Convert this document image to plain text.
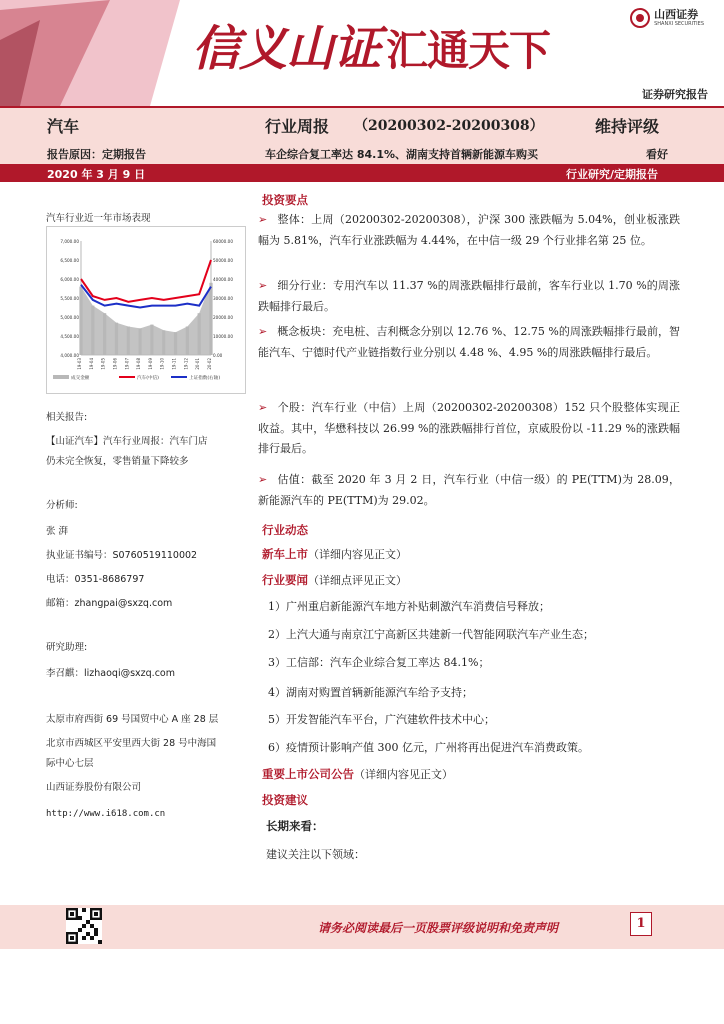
信义山证 汇通天下
山西证券
SHANXI SECURITIES
证券研究报告
汽车	行业周报 （20200302-20200308）	维持评级
报告原因：定期报告	车企综合复工率达 84.1%、湖南支持首辆新能源车购买	看好
2020 年 3 月 9 日	行业研究/定期报告
汽车行业近一年市场表现
7,000.00
6,500.00
6,000.00
5,500.00
5,000.00
4,500.00
4,000.00
60000.00
50000.00
40000.00
30000.00
20000.00
10000.00
0.00
19-03 19-04 19-05 19-06 19-07 19-08 19-09 19-10 19-11 19-12 20-01 20-02
成交金额	汽车(中信)	上证指数(右轴)
相关报告:
【山证汽车】汽车行业周报：汽车门店
仍未完全恢复，零售销量下降较多
分析师:
张 湃
执业证书编号：S0760519110002
电话：0351-8686797
邮箱：zhangpai@sxzq.com
研究助理:
李召麒：lizhaoqi@sxzq.com
太原市府西街 69 号国贸中心 A 座 28 层
北京市西城区平安里西大街 28 号中海国
际中心七层
山西证券股份有限公司
http://www.i618.com.cn
投资要点
➢ 整体：上周（20200302-20200308），沪深 300 涨跌幅为 5.04%，创业板涨跌幅为 5.81%，汽车行业涨跌幅为 4.44%，在中信一级 29 个行业排名第 25 位。
➢ 细分行业：专用汽车以 11.37 %的周涨跌幅排行最前，客车行业以 1.70 %的周涨跌幅排行最后。
➢ 概念板块：充电桩、吉利概念分别以 12.76 %、12.75 %的周涨跌幅排行最前，智能汽车、宁德时代产业链指数行业分别以 4.48 %、4.95 %的周涨跌幅排行最后。
➢ 个股：汽车行业（中信）上周（20200302-20200308）152 只个股整体实现正收益。其中，华懋科技以 26.99 %的涨跌幅排行首位，京威股份以 -11.29 %的涨跌幅排行最后。
➢ 估值：截至 2020 年 3 月 2 日，汽车行业（中信一级）的 PE(TTM)为 28.09，新能源汽车的 PE(TTM)为 29.02。
行业动态
新车上市（详细内容见正文）
行业要闻（详细点评见正文）
1）广州重启新能源汽车地方补贴刺激汽车消费信号释放；
2）上汽大通与南京江宁高新区共建新一代智能网联汽车产业生态；
3）工信部：汽车企业综合复工率达 84.1%；
4）湖南对购置首辆新能源汽车给予支持；
5）开发智能汽车平台，广汽建软件技术中心；
6）疫情预计影响产值 300 亿元，广州将再出促进汽车消费政策。
重要上市公司公告（详细内容见正文）
投资建议
长期来看：
建议关注以下领域：
请务必阅读最后一页股票评级说明和免责声明	1
